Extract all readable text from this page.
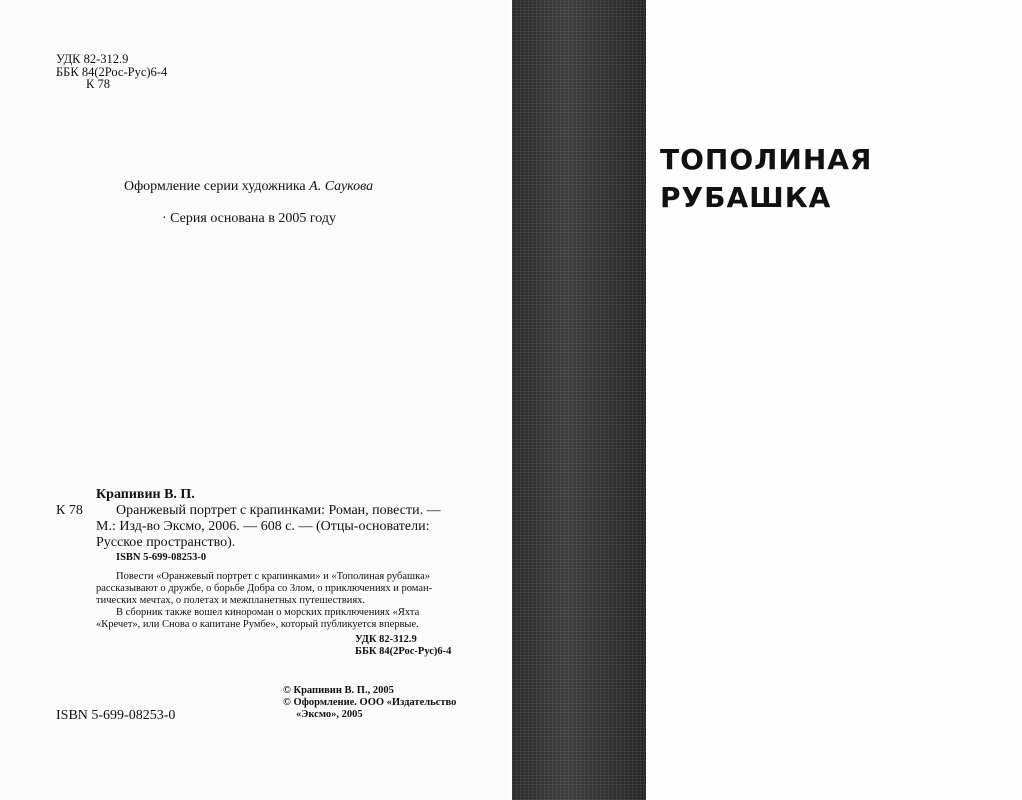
УДК 82-312.9
ББК 84(2Рос-Рус)6-4
К 78
Оформление серии художника А. Саукова
· Серия основана в 2005 году
Крапивин В. П.
К 78 Оранжевый портрет с крапинками: Роман, повести. —
М.: Изд-во Эксмо, 2006. — 608 с. — (Отцы-основатели:
Русское пространство).
ISBN 5-699-08253-0
Повести «Оранжевый портрет с крапинками» и «Тополиная рубашка»
рассказывают о дружбе, о борьбе Добра со Злом, о приключениях и роман-
тических мечтах, о полетах и межпланетных путешествиях.
В сборник также вошел кинороман о морских приключениях «Яхта
«Кречет», или Снова о капитане Румбе», который публикуется впервые.
УДК 82-312.9
ББК 84(2Рос-Рус)6-4
ISBN 5-699-08253-0
© Крапивин В. П., 2005
© Оформление. ООО «Издательство
«Эксмо», 2005
ТОПОЛИНАЯ
РУБАШКА
